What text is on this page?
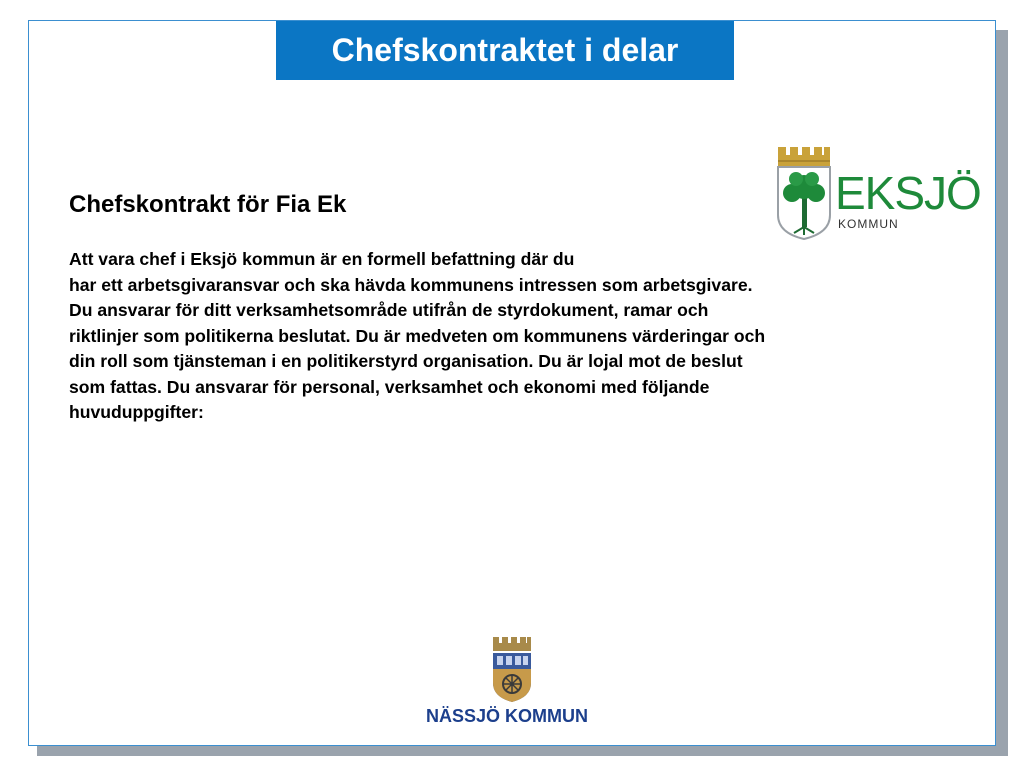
Chefskontraktet i delar
Chefskontrakt för Fia Ek
Att vara chef i Eksjö kommun är en formell befattning där du
har ett arbetsgivaransvar och ska hävda kommunens intressen som arbetsgivare.
Du ansvarar för ditt verksamhetsområde utifrån de styrdokument, ramar och
riktlinjer som politikerna beslutat. Du är medveten om kommunens värderingar och
din roll som tjänsteman i en politikerstyrd organisation. Du är lojal mot de beslut
som fattas. Du ansvarar för personal, verksamhet och ekonomi med följande
huvuduppgifter:
EKSJÖ
KOMMUN
NÄSSJÖ KOMMUN
